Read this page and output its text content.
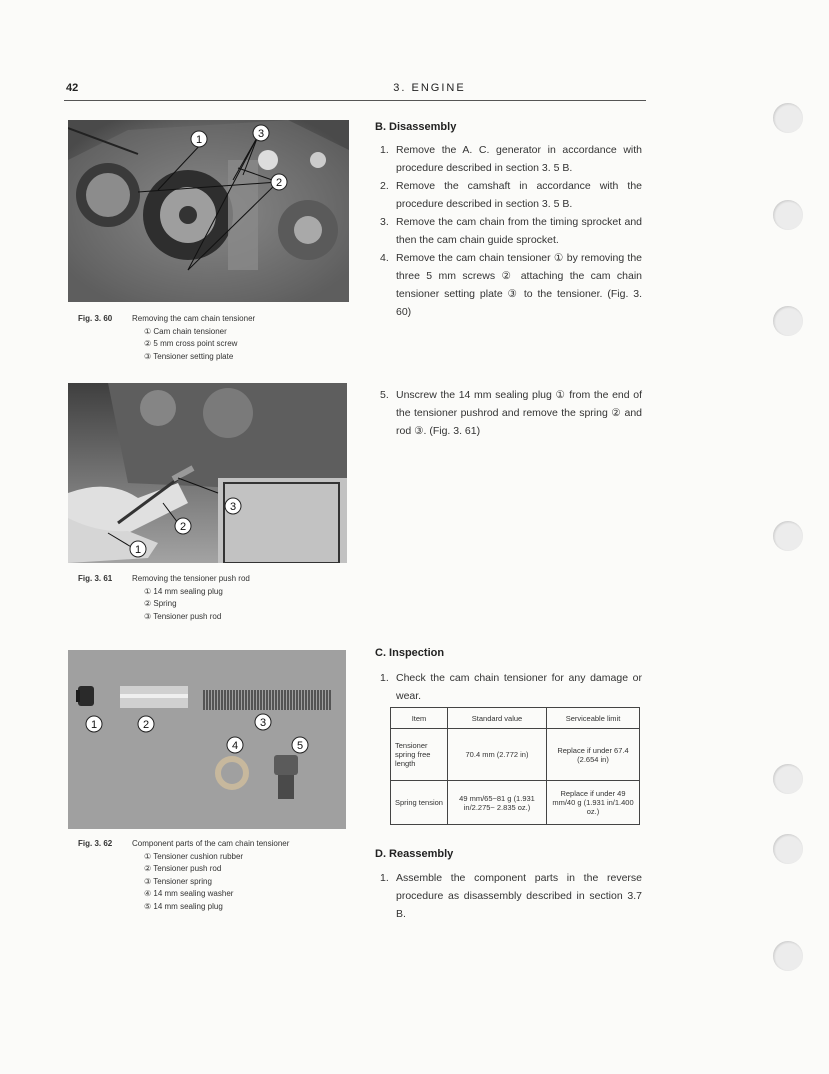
42	3. ENGINE
1	3
2
Fig. 3. 60 Removing the cam chain tensioner
① Cam chain tensioner
② 5 mm cross point screw
③ Tensioner setting plate
3
2
1
Fig. 3. 61 Removing the tensioner push rod
① 14 mm sealing plug
② Spring
③ Tensioner push rod
1	2	3
4	5
Fig. 3. 62 Component parts of the cam chain tensioner
① Tensioner cushion rubber
② Tensioner push rod
③ Tensioner spring
④ 14 mm sealing washer
⑤ 14 mm sealing plug
B. Disassembly
1. Remove the A. C. generator in accordance with procedure described in section 3. 5 B.
2. Remove the camshaft in accordance with the procedure described in section 3. 5 B.
3. Remove the cam chain from the timing sprocket and then the cam chain guide sprocket.
4. Remove the cam chain tensioner ① by removing the three 5 mm screws ② attaching the cam chain tensioner setting plate ③ to the tensioner. (Fig. 3. 60)
5. Unscrew the 14 mm sealing plug ① from the end of the tensioner pushrod and remove the spring ② and rod ③. (Fig. 3. 61)
C. Inspection
1. Check the cam chain tensioner for any damage or wear.
Item	Standard value	Serviceable limit
Tensioner spring free length	70.4 mm (2.772 in)	Replace if under 67.4 (2.654 in)
Spring tension	49 mm/65~81 g (1.931 in/2.275~ 2.835 oz.)	Replace if under 49 mm/40 g (1.931 in/1.400 oz.)
D. Reassembly
1. Assemble the component parts in the reverse procedure as disassembly described in section 3.7 B.
